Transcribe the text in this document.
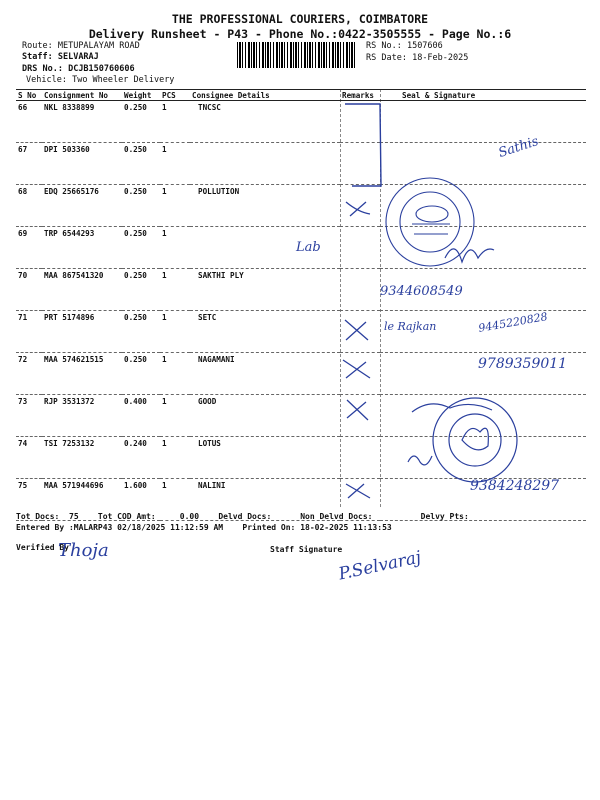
THE PROFESSIONAL COURIERS, COIMBATORE
Delivery Runsheet - P43 - Phone No.:0422-3505555 - Page No.:6
Route: METUPALAYAM ROAD
Staff: SELVARAJ
DRS No.: DCJB150760606
Vehicle: Two Wheeler Delivery
RS No.: 1507606
RS Date: 18-Feb-2025
S No	Consignment No	Weight	PCS	Consignee Details	Remarks	Seal & Signature
66	NKL 8338899	0.250	1	TNCSC		
67	DPI 503360	0.250	1			
68	EDQ 25665176	0.250	1	POLLUTION		
69	TRP 6544293	0.250	1			
70	MAA 867541320	0.250	1	SAKTHI PLY		
71	PRT 5174896	0.250	1	SETC		
72	MAA 574621515	0.250	1	NAGAMANI		
73	RJP 3531372	0.400	1	GOOD		
74	TSI 7253132	0.240	1	LOTUS		
75	MAA 571944696	1.600	1	NALINI		
Sathis
Lab
9344608549
le Rajkan	9445220828
9789359011
9384248297
Tot Docs: 75 Tot COD Amt:	0.00 Delvd Docs:	Non Delvd Docs:	Delvy Pts:
Entered By :MALARP43 02/18/2025 11:12:59 AM Printed On: 18-02-2025 11:13:53
Verified By	Staff Signature
Thoja	P.Selvaraj
